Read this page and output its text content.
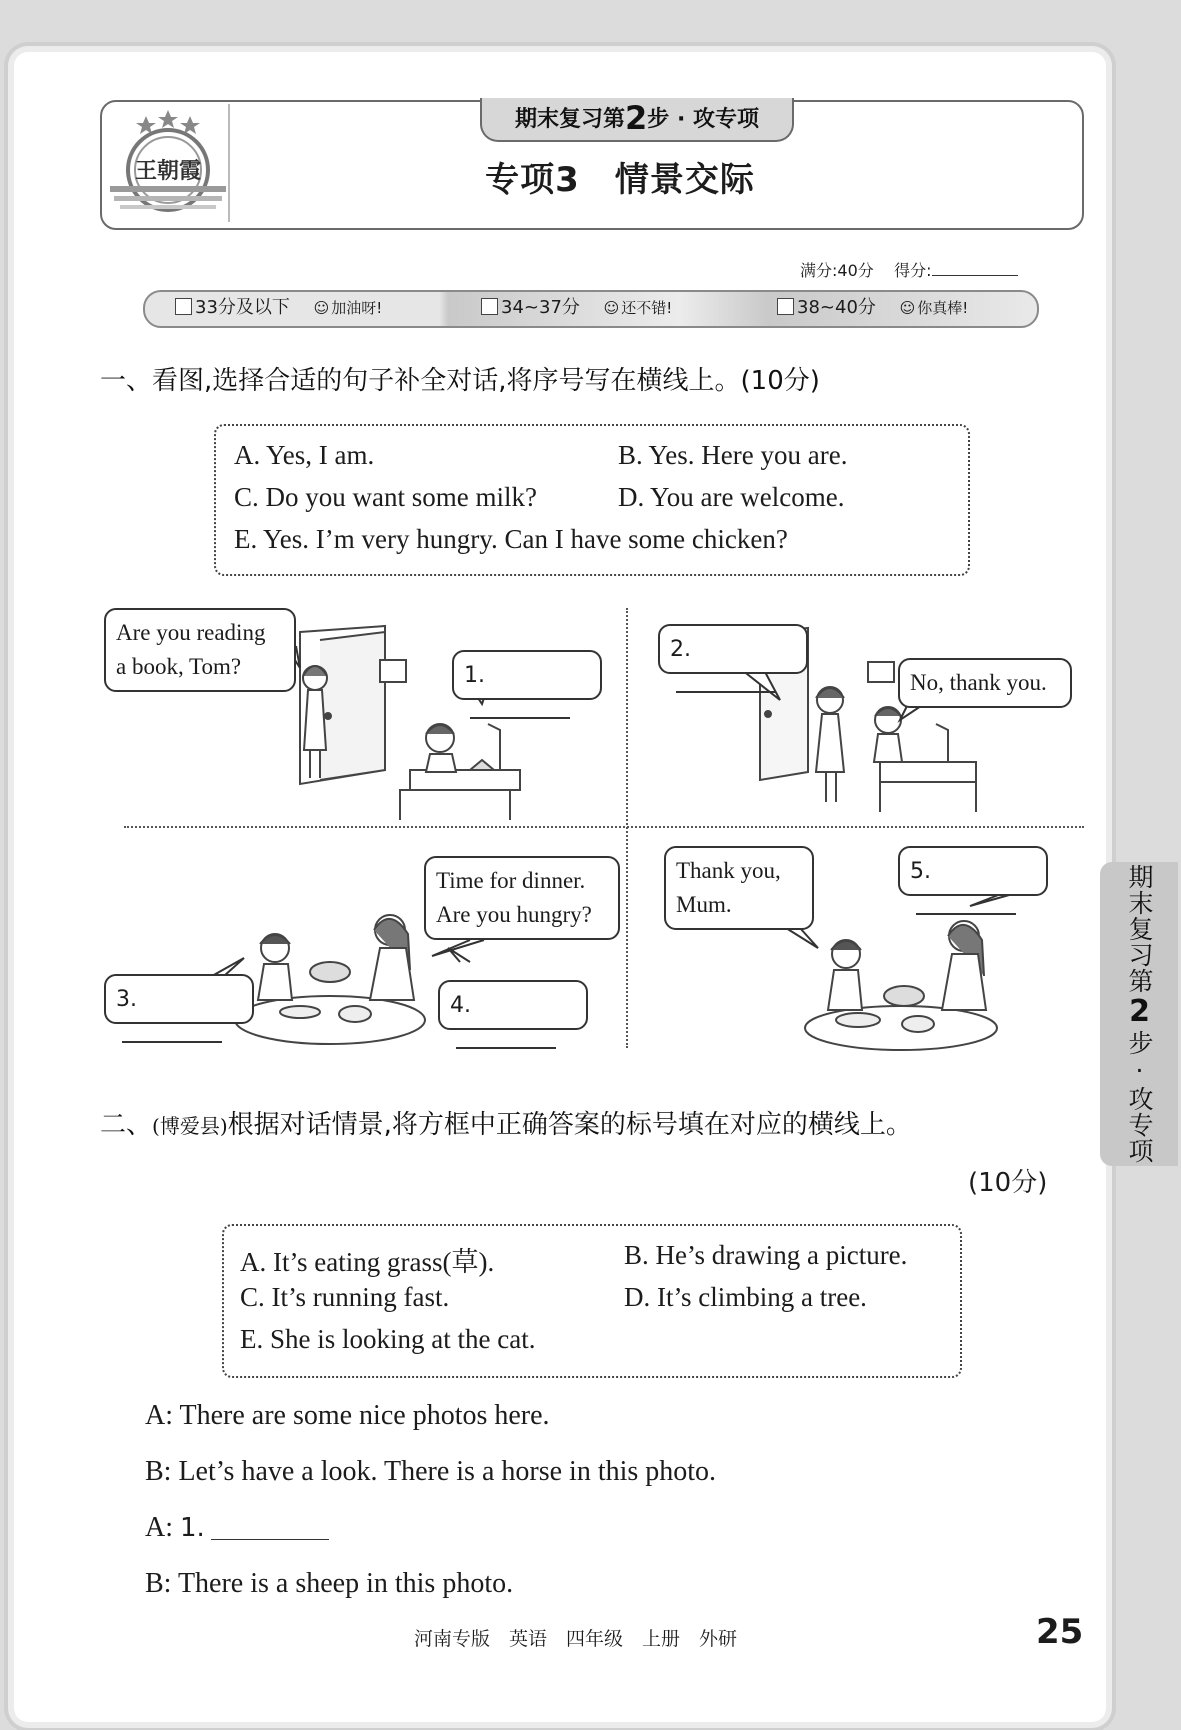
王朝霞
期末复习第2步 · 攻专项
专项3　情景交际
满分:40分 得分:
33分及以下 ☺ 加油呀!	34~37分 ☺ 还不错!	38~40分 ☺ 你真棒!
一、看图,选择合适的句子补全对话,将序号写在横线上。(10分)
A. Yes, I am.	B. Yes. Here you are.
C. Do you want some milk?	D. You are welcome.
E. Yes. I’m very hungry. Can I have some chicken?
Are you reading
a book, Tom?	1.
2.
No, thank you.
Time for dinner.
Are you hungry?
3.	4.
Thank you,
Mum.
5.
二、(博爱县)根据对话情景,将方框中正确答案的标号填在对应的横线上。
(10分)
A. It’s eating grass(草).	B. He’s drawing a picture.
C. It’s running fast.	D. It’s climbing a tree.
E. She is looking at the cat.
A: There are some nice photos here.
B: Let’s have a look. There is a horse in this photo.
A: 1.
B: There is a sheep in this photo.
期末复习第2步·攻专项
河南专版　英语　四年级　上册　外研	25
